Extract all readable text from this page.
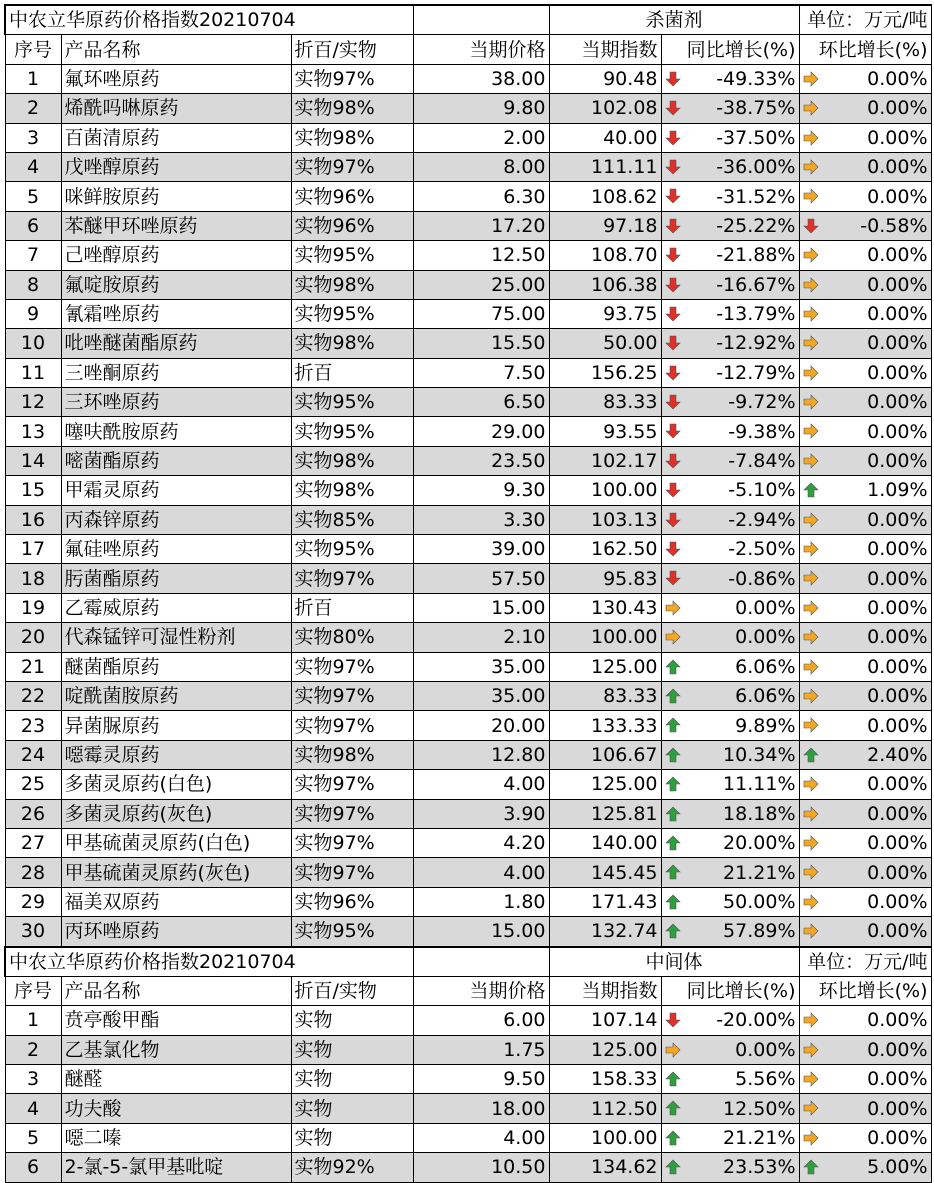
中农立华原药价格指数20210704				杀菌剂		单位：万元/吨
序号	产品名称	折百/实物	当期价格	当期指数	同比增长(%)	环比增长(%)
1	氟环唑原药	实物97%	38.00	90.48	-49.33%	0.00%
2	烯酰吗啉原药	实物98%	9.80	102.08	-38.75%	0.00%
3	百菌清原药	实物98%	2.00	40.00	-37.50%	0.00%
4	戊唑醇原药	实物97%	8.00	111.11	-36.00%	0.00%
5	咪鲜胺原药	实物96%	6.30	108.62	-31.52%	0.00%
6	苯醚甲环唑原药	实物96%	17.20	97.18	-25.22%	-0.58%
7	己唑醇原药	实物95%	12.50	108.70	-21.88%	0.00%
8	氟啶胺原药	实物98%	25.00	106.38	-16.67%	0.00%
9	氰霜唑原药	实物95%	75.00	93.75	-13.79%	0.00%
10	吡唑醚菌酯原药	实物98%	15.50	50.00	-12.92%	0.00%
11	三唑酮原药	折百	7.50	156.25	-12.79%	0.00%
12	三环唑原药	实物95%	6.50	83.33	-9.72%	0.00%
13	噻呋酰胺原药	实物95%	29.00	93.55	-9.38%	0.00%
14	嘧菌酯原药	实物98%	23.50	102.17	-7.84%	0.00%
15	甲霜灵原药	实物98%	9.30	100.00	-5.10%	1.09%
16	丙森锌原药	实物85%	3.30	103.13	-2.94%	0.00%
17	氟硅唑原药	实物95%	39.00	162.50	-2.50%	0.00%
18	肟菌酯原药	实物97%	57.50	95.83	-0.86%	0.00%
19	乙霉威原药	折百	15.00	130.43	0.00%	0.00%
20	代森锰锌可湿性粉剂	实物80%	2.10	100.00	0.00%	0.00%
21	醚菌酯原药	实物97%	35.00	125.00	6.06%	0.00%
22	啶酰菌胺原药	实物97%	35.00	83.33	6.06%	0.00%
23	异菌脲原药	实物97%	20.00	133.33	9.89%	0.00%
24	噁霉灵原药	实物98%	12.80	106.67	10.34%	2.40%
25	多菌灵原药(白色)	实物97%	4.00	125.00	11.11%	0.00%
26	多菌灵原药(灰色)	实物97%	3.90	125.81	18.18%	0.00%
27	甲基硫菌灵原药(白色)	实物97%	4.20	140.00	20.00%	0.00%
28	甲基硫菌灵原药(灰色)	实物97%	4.00	145.45	21.21%	0.00%
29	福美双原药	实物96%	1.80	171.43	50.00%	0.00%
30	丙环唑原药	实物95%	15.00	132.74	57.89%	0.00%
中农立华原药价格指数20210704				中间体		单位：万元/吨
序号	产品名称	折百/实物	当期价格	当期指数	同比增长(%)	环比增长(%)
1	贲亭酸甲酯	实物	6.00	107.14	-20.00%	0.00%
2	乙基氯化物	实物	1.75	125.00	0.00%	0.00%
3	醚醛	实物	9.50	158.33	5.56%	0.00%
4	功夫酸	实物	18.00	112.50	12.50%	0.00%
5	噁二嗪	实物	4.00	100.00	21.21%	0.00%
6	2-氯-5-氯甲基吡啶	实物92%	10.50	134.62	23.53%	5.00%
